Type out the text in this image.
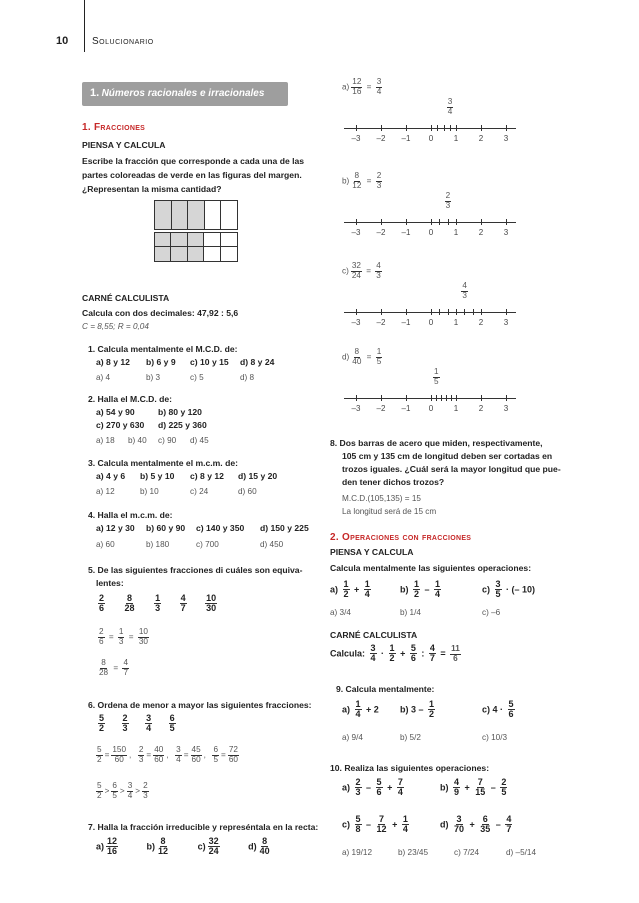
10 Solucionario
1. Números racionales e irracionales
1. Fracciones
PIENSA Y CALCULA
Escribe la fracción que corresponde a cada una de las
partes coloreadas de verde en las figuras del margen.
¿Representan la misma cantidad?
CARNÉ CALCULISTA
Calcula con dos decimales: 47,92 : 5,6
C = 8,55; R = 0,04
1. Calcula mentalmente el M.C.D. de:
a) 8 y 12 b) 6 y 9 c) 10 y 15 d) 8 y 24
a) 4	b) 3	c) 5	d) 8
2. Halla el M.C.D. de:
a) 54 y 90	b) 80 y 120
c) 270 y 630 d) 225 y 360
a) 18 b) 40 c) 90 d) 45
3. Calcula mentalmente el m.c.m. de:
a) 4 y 6 b) 5 y 10 c) 8 y 12 d) 15 y 20
a) 12	b) 10	c) 24	d) 60
4. Halla el m.c.m. de:
a) 12 y 30 b) 60 y 90 c) 140 y 350 d) 150 y 225
a) 60	b) 180	c) 700	d) 450
5. De las siguientes fracciones di cuáles son equiva-
lentes:
$\frac{2}{6}$
$\frac{8}{28}$
$\frac{1}{3}$
$\frac{4}{7}$
$\frac{10}{30}$
$\frac{2}{6} = \frac{1}{3} = \frac{10}{30}$
$\frac{8}{28} = \frac{4}{7}$
6. Ordena de menor a mayor las siguientes fracciones:
$\frac{5}{2}$
$\frac{2}{3}$
$\frac{3}{4}$
$\frac{6}{5}$
$\frac{5}{2} = \frac{150}{60}$ , $\frac{2}{3} = \frac{40}{60}$ , $\frac{3}{4} = \frac{45}{60}$ , $\frac{6}{5} = \frac{72}{60}$
$\frac{5}{2} > \frac{6}{5} > \frac{3}{4} > \frac{2}{3}$
7. Halla la fracción irreducible y represéntala en la recta:
$a) \frac{12}{16}$	$b) \frac{8}{12}$	$c) \frac{32}{24}$	$d) \frac{8}{40}$
$a) \frac{12}{16} = \frac{3}{4}$
–3	–2	–1	0	1	2	3
$\frac{3}{4}$
$b) \frac{8}{12} = \frac{2}{3}$
–3	–2	–1	0	1	2	3
$\frac{2}{3}$
$c) \frac{32}{24} = \frac{4}{3}$
–3	–2	–1	0	1	2	3
$\frac{4}{3}$
$d) \frac{8}{40} = \frac{1}{5}$
–3	–2	–1	0	1	2	3
$\frac{1}{5}$
8. Dos barras de acero que miden, respectivamente,
105 cm y 135 cm de longitud deben ser cortadas en
trozos iguales. ¿Cuál será la mayor longitud que pue-
den tener dichos trozos?
M.C.D.(105,135) = 15
La longitud será de 15 cm
2. Operaciones con fracciones
PIENSA Y CALCULA
Calcula mentalmente las siguientes operaciones:
$a) \frac{1}{2} + \frac{1}{4}$	$b) \frac{1}{2} - \frac{1}{4}$	$c) \frac{3}{5}$ · (– 10)
a) 3/4	b) 1/4	c) –6
CARNÉ CALCULISTA
Calcula: $\frac{3}{4} \cdot \frac{1}{2} + \frac{5}{6}$ : $\frac{4}{7} = \frac{11}{6}$
9. Calcula mentalmente:
$a) \frac{1}{4} + 2$ b) $3 - \frac{1}{2}$	c) $4 \cdot \frac{5}{6}$
a) 9/4	b) 5/2	c) 10/3
10. Realiza las siguientes operaciones:
$a) \frac{2}{3} - \frac{5}{6} + \frac{7}{4}$	$b) \frac{4}{9} + \frac{7}{15} - \frac{2}{5}$
$c) \frac{5}{8} - \frac{7}{12} + \frac{1}{4}$	$d) \frac{3}{70} + \frac{6}{35} - \frac{4}{7}$
a) 19/12	b) 23/45	c) 7/24	d) –5/14
